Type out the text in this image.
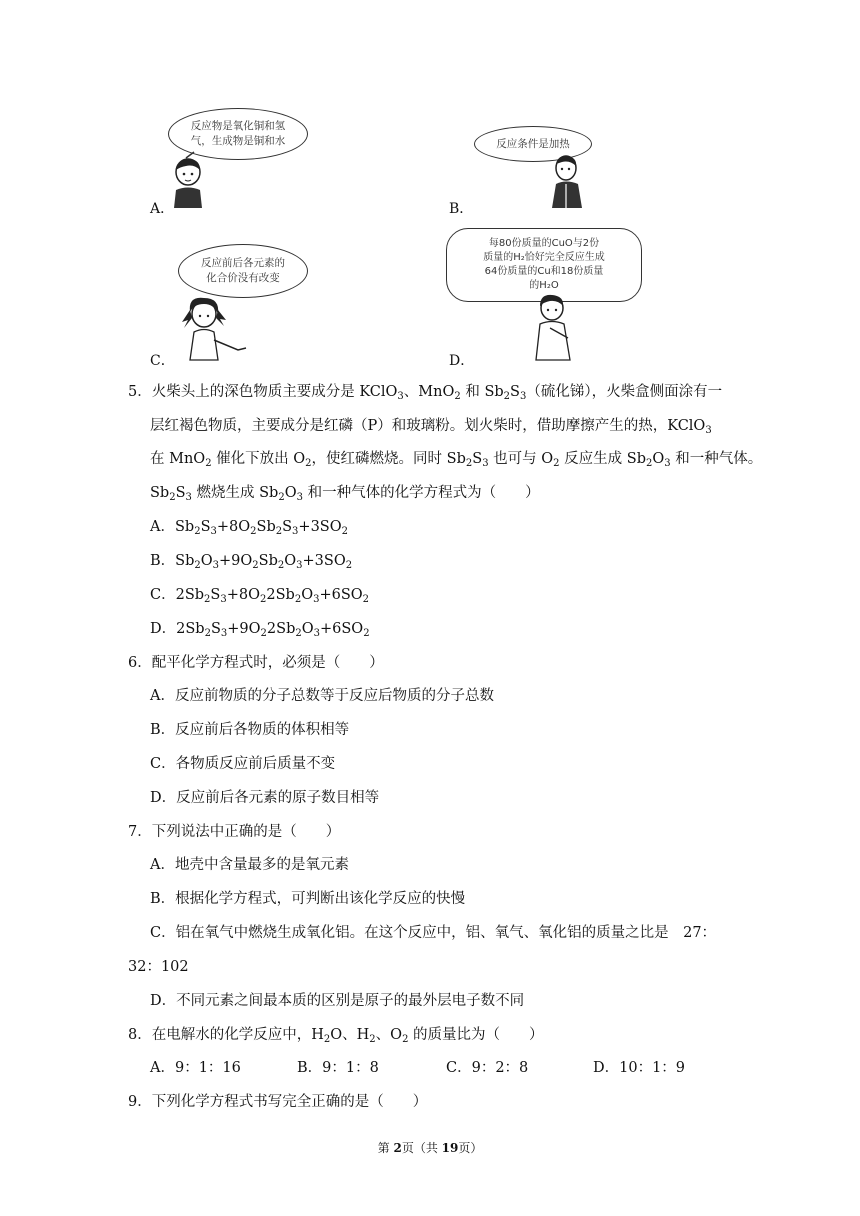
反应物是氧化铜和氢
气，生成物是铜和水
A．
反应条件是加热
B．
反应前后各元素的
化合价没有改变
C．
每80份质量的CuO与2份
质量的H₂恰好完全反应生成
64份质量的Cu和18份质量
的H₂O
D．
5．火柴头上的深色物质主要成分是 KClO$_3$、MnO$_2$ 和 $Sb_2S_3$（硫化锑），火柴盒侧面涂有一
层红褐色物质，主要成分是红磷（P）和玻璃粉。划火柴时，借助摩擦产生的热，KClO$_3$
在 MnO$_2$ 催化下放出 $O_2$，使红磷燃烧。同时 $Sb_2S_3$ 也可与 $O_2$ 反应生成 $Sb_2O_3$ 和一种气体。
$Sb_2S_3$ 燃烧生成 $Sb_2O_3$ 和一种气体的化学方程式为（　　）
A．$Sb_2S_3+8O_2Sb_2S_3+3SO_2$
B．$Sb_2O_3+9O_2Sb_2O_3+3SO_2$
C．$2Sb_2S_3+8O_22Sb_2O_3+6SO_2$
D．$2Sb_2S_3+9O_22Sb_2O_3+6SO_2$
6．配平化学方程式时，必须是（　　）
A．反应前物质的分子总数等于反应后物质的分子总数
B．反应前后各物质的体积相等
C．各物质反应前后质量不变
D．反应前后各元素的原子数目相等
7．下列说法中正确的是（　　）
A．地壳中含量最多的是氧元素
B．根据化学方程式，可判断出该化学反应的快慢
C．铝在氧气中燃烧生成氧化铝。在这个反应中，铝、氧气、氧化铝的质量之比是　27：
32：102
D．不同元素之间最本质的区别是原子的最外层电子数不同
8．在电解水的化学反应中，$H_2O$、$H_2$、$O_2$ 的质量比为（　　）
A．9：1：16	B．9：1：8	C．9：2：8	D．10：1：9
9．下列化学方程式书写完全正确的是（　　）
第 2页（共 19页）
